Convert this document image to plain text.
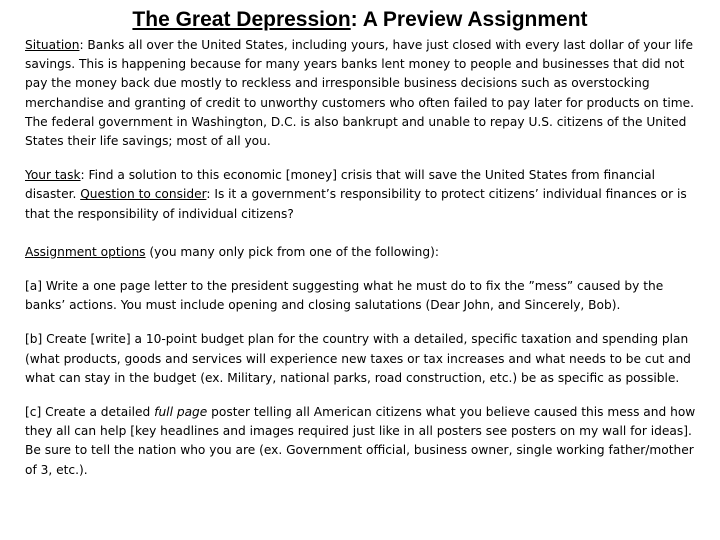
The Great Depression: A Preview Assignment

Situation: Banks all over the United States, including yours, have just closed with every last dollar of your life savings. This is happening because for many years banks lent money to people and businesses that did not pay the money back due mostly to reckless and irresponsible business decisions such as overstocking merchandise and granting of credit to unworthy customers who often failed to pay later for products on time. The federal government in Washington, D.C. is also bankrupt and unable to repay U.S. citizens of the United States their life savings; most of all you.

Your task: Find a solution to this economic [money] crisis that will save the United States from financial disaster. Question to consider: Is it a government’s responsibility to protect citizens’ individual finances or is that the responsibility of individual citizens?

Assignment options (you many only pick from one of the following):

[a] Write a one page letter to the president suggesting what he must do to fix the ”mess” caused by the banks’ actions. You must include opening and closing salutations (Dear John, and Sincerely, Bob).

[b] Create [write] a 10-point budget plan for the country with a detailed, specific taxation and spending plan (what products, goods and services will experience new taxes or tax increases and what needs to be cut and what can stay in the budget (ex. Military, national parks, road construction, etc.) be as specific as possible.

[c] Create a detailed full page poster telling all American citizens what you believe caused this mess and how they all can help [key headlines and images required just like in all posters see posters on my wall for ideas]. Be sure to tell the nation who you are (ex. Government official, business owner, single working father/mother of 3, etc.).
